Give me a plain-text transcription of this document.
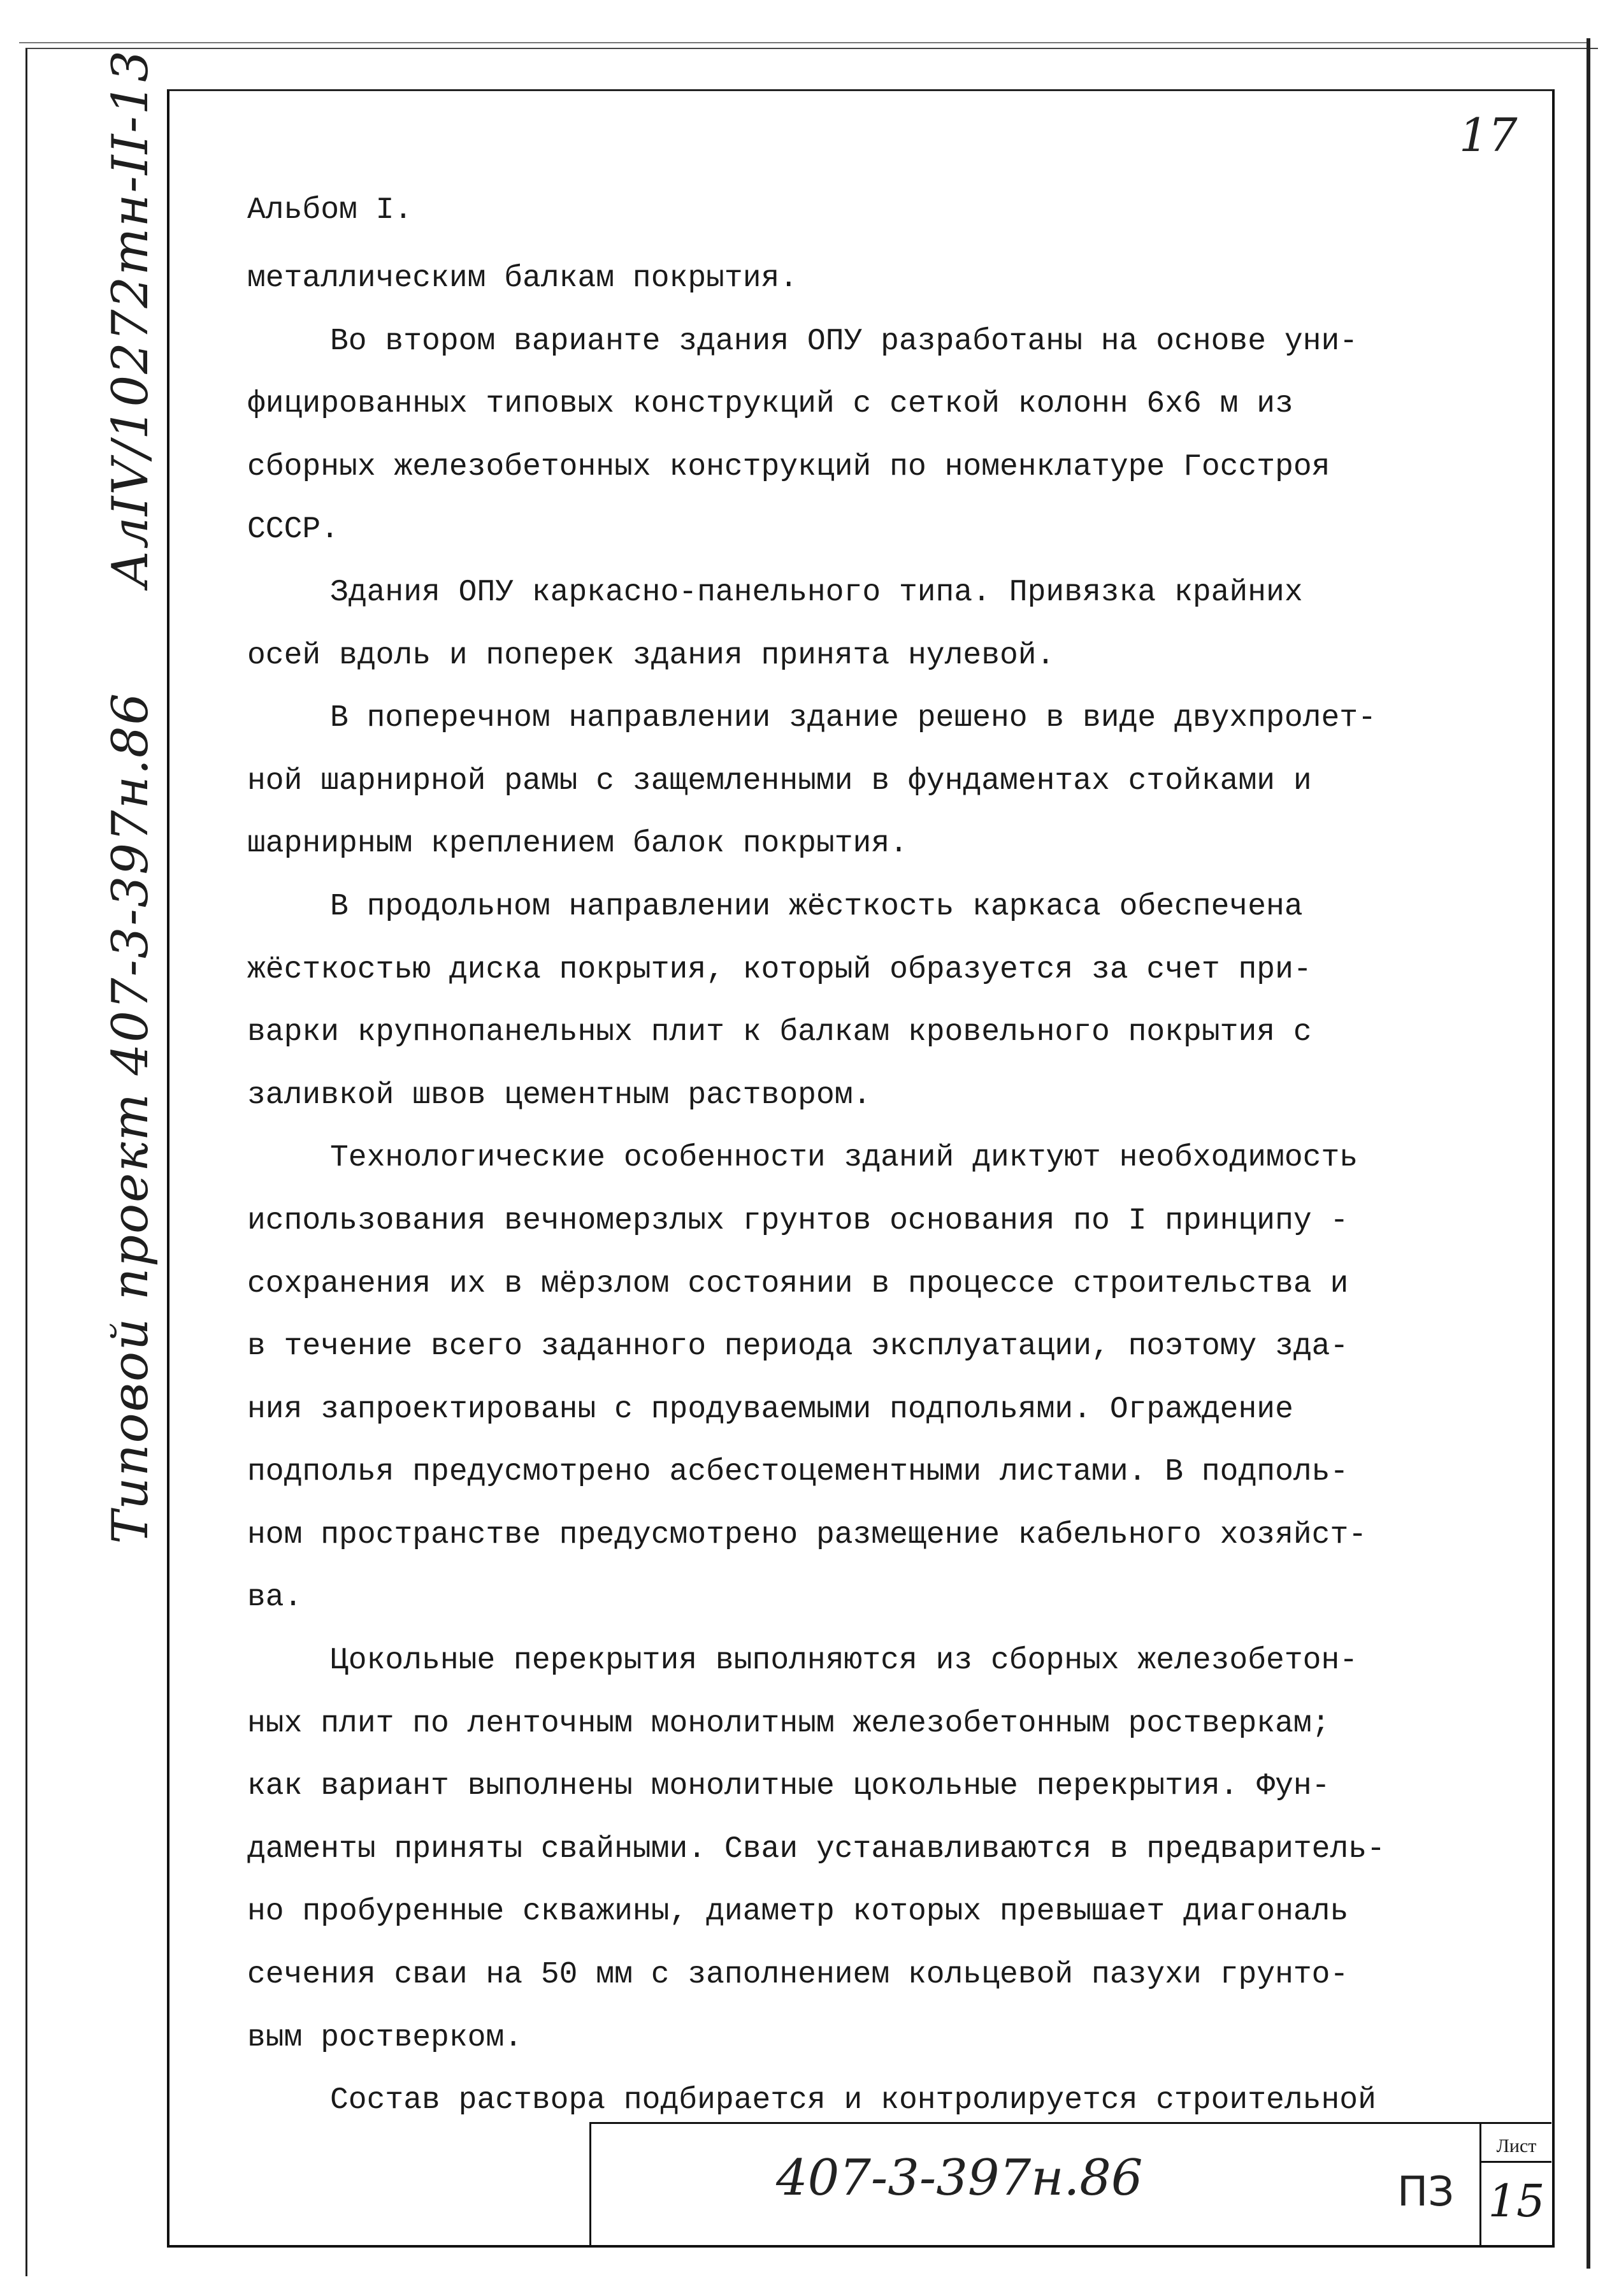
Типовой проект 407-3-397н.86  АлIV/10272тн-II-13	17
Альбом I.
металлическим балкам покрытия.
Во втором варианте здания ОПУ разработаны на основе уни-
фицированных типовых конструкций с сеткой колонн 6х6 м из
сборных железобетонных конструкций по номенклатуре Госстроя
СССР.
Здания ОПУ каркасно-панельного типа. Привязка крайних
осей вдоль и поперек здания принята нулевой.
В поперечном направлении здание решено в виде двухпролет-
ной шарнирной рамы с защемленными в фундаментах стойками и
шарнирным креплением балок покрытия.
В продольном направлении жёсткость каркаса обеспечена
жёсткостью диска покрытия, который образуется за счет при-
варки крупнопанельных плит к балкам кровельного покрытия с
заливкой швов цементным раствором.
Технологические особенности зданий диктуют необходимость
использования вечномерзлых грунтов основания по I принципу -
сохранения их в мёрзлом состоянии в процессе строительства и
в течение всего заданного периода эксплуатации, поэтому зда-
ния запроектированы с продуваемыми подпольями. Ограждение
подполья предусмотрено асбестоцементными листами. В подполь-
ном пространстве предусмотрено размещение кабельного хозяйст-
ва.
Цокольные перекрытия выполняются из сборных железобетон-
ных плит по ленточным монолитным железобетонным ростверкам;
как вариант выполнены монолитные цокольные перекрытия. Фун-
даменты приняты свайными. Сваи устанавливаются в предваритель-
но пробуренные скважины, диаметр которых превышает диагональ
сечения сваи на 50 мм с заполнением кольцевой пазухи грунто-
вым ростверком.
Состав раствора подбирается и контролируется строительной
407-3-397н.86	ПЗ
Лист
15
